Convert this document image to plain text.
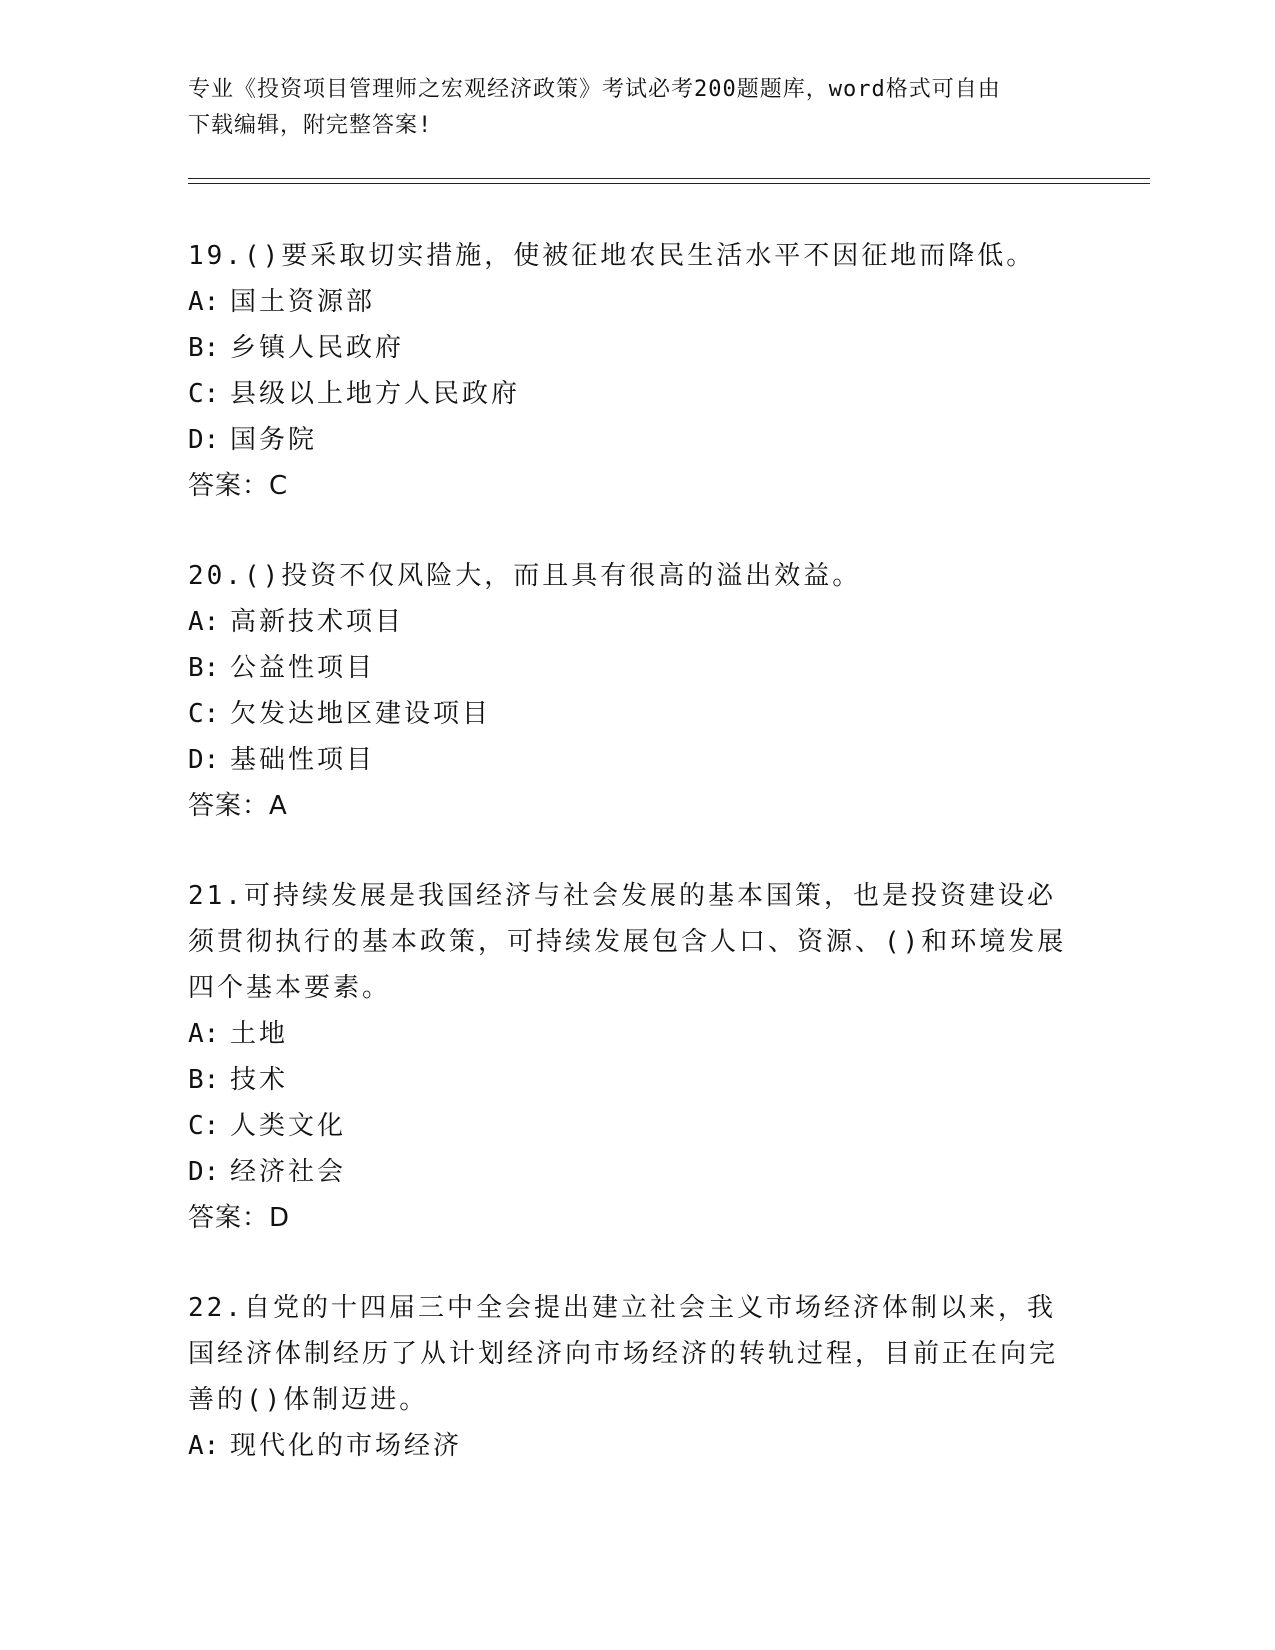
专业《投资项目管理师之宏观经济政策》考试必考200题题库，word格式可自由
下载编辑，附完整答案!

19.()要采取切实措施，使被征地农民生活水平不因征地而降低。

A: 国土资源部
B: 乡镇人民政府
C: 县级以上地方人民政府
D: 国务院
答案：C

20.()投资不仅风险大，而且具有很高的溢出效益。

A: 高新技术项目
B: 公益性项目
C: 欠发达地区建设项目
D: 基础性项目
答案：A

21.可持续发展是我国经济与社会发展的基本国策，也是投资建设必须贯彻执行的基本政策，可持续发展包含人口、资源、()和环境发展四个基本要素。

A: 土地
B: 技术
C: 人类文化
D: 经济社会
答案：D

22.自党的十四届三中全会提出建立社会主义市场经济体制以来，我国经济体制经历了从计划经济向市场经济的转轨过程，目前正在向完善的()体制迈进。

A: 现代化的市场经济
